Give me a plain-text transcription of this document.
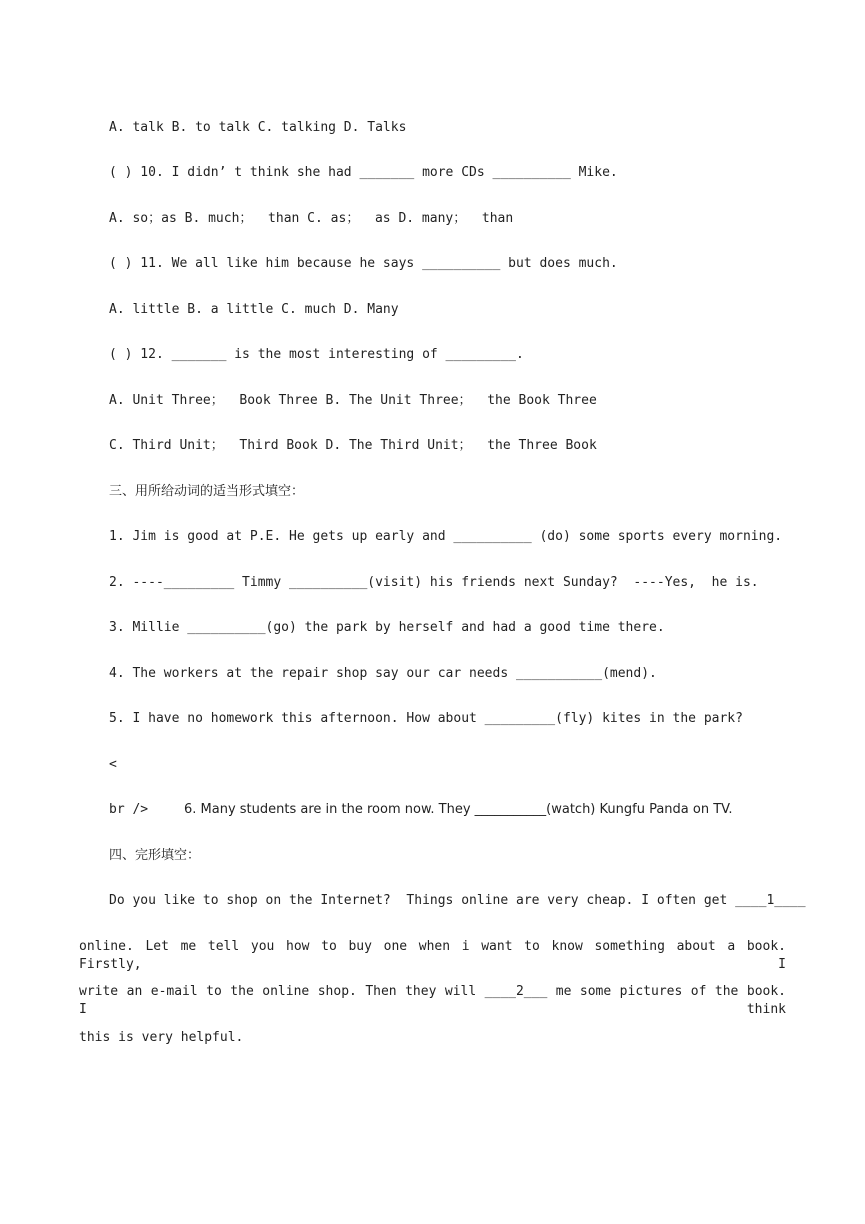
A. talk B. to talk C. talking D. Talks
( ) 10. I didn’ t think she had _______ more CDs __________ Mike.
A. so；as B. much；  than C. as；  as D. many；  than
( ) 11. We all like him because he says __________ but does much.
A. little B. a little C. much D. Many
( ) 12. _______ is the most interesting of _________.
A. Unit Three；  Book Three B. The Unit Three；  the Book Three
C. Third Unit；  Third Book D. The Third Unit；  the Three Book
三、用所给动词的适当形式填空：
1. Jim is good at P.E. He gets up early and __________ (do) some sports every morning.
2. ----_________ Timmy __________(visit) his friends next Sunday?  ----Yes,  he is.
3. Millie __________(go) the park by herself and had a good time there.
4. The workers at the repair shop say our car needs ___________(mend).
5. I have no homework this afternoon. How about _________(fly) kites in the park?
<
br />	6. Many students are in the room now. They ___________(watch) Kungfu Panda on TV.
四、完形填空：
Do you like to shop on the Internet?  Things online are very cheap. I often get ____1____
online. Let me tell you how to buy one when i want to know something about a book. Firstly, I
write an e-mail to the online shop. Then they will ____2___ me some pictures of the book. I think
this is very helpful.
